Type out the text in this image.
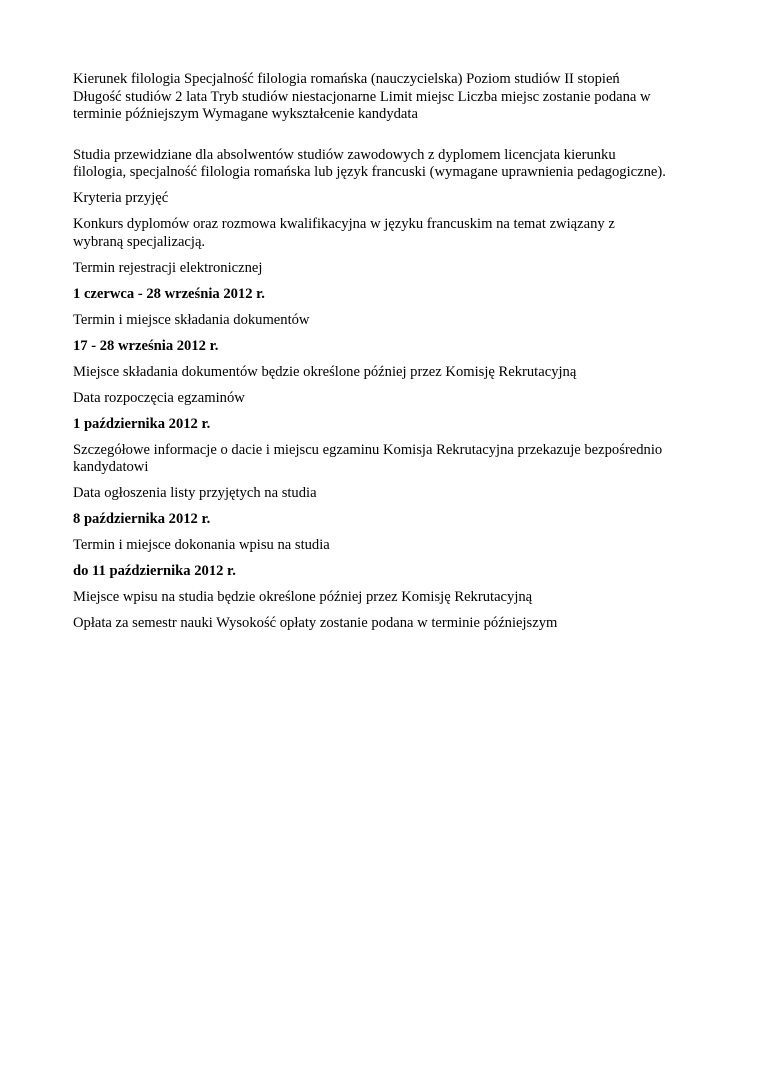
Kierunek filologia Specjalność filologia romańska (nauczycielska) Poziom studiów II stopień Długość studiów 2 lata Tryb studiów niestacjonarne Limit miejsc Liczba miejsc zostanie podana w terminie późniejszym Wymagane wykształcenie kandydata

Studia przewidziane dla absolwentów studiów zawodowych z dyplomem licencjata kierunku filologia, specjalność filologia romańska lub język francuski (wymagane uprawnienia pedagogiczne).

Kryteria przyjęć

Konkurs dyplomów oraz rozmowa kwalifikacyjna w języku francuskim na temat związany z wybraną specjalizacją.

Termin rejestracji elektronicznej

1 czerwca - 28 września 2012 r.

Termin i miejsce składania dokumentów

17 - 28 września 2012 r.

Miejsce składania dokumentów będzie określone później przez Komisję Rekrutacyjną

Data rozpoczęcia egzaminów

1 października 2012 r.

Szczegółowe informacje o dacie i miejscu egzaminu Komisja Rekrutacyjna przekazuje bezpośrednio kandydatowi

Data ogłoszenia listy przyjętych na studia

8 października 2012 r.

Termin i miejsce dokonania wpisu na studia

do 11 października 2012 r.

Miejsce wpisu na studia będzie określone później przez Komisję Rekrutacyjną

Opłata za semestr nauki Wysokość opłaty zostanie podana w terminie późniejszym
